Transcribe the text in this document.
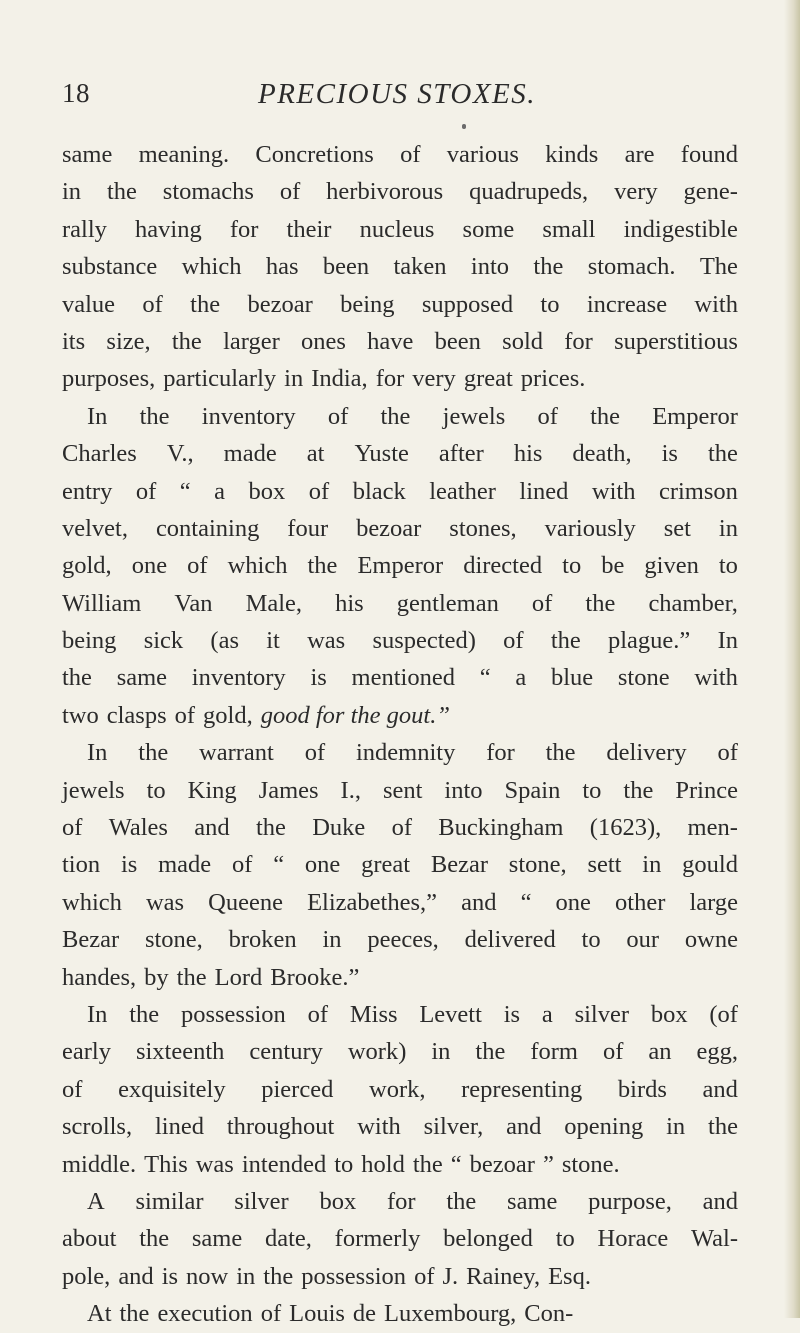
18	PRECIOUS STOXES.
same meaning. Concretions of various kinds are found
in the stomachs of herbivorous quadrupeds, very gene-
rally having for their nucleus some small indigestible
substance which has been taken into the stomach. The
value of the bezoar being supposed to increase with
its size, the larger ones have been sold for superstitious
purposes, particularly in India, for very great prices.
In the inventory of the jewels of the Emperor
Charles V., made at Yuste after his death, is the
entry of “ a box of black leather lined with crimson
velvet, containing four bezoar stones, variously set in
gold, one of which the Emperor directed to be given to
William Van Male, his gentleman of the chamber,
being sick (as it was suspected) of the plague.” In
the same inventory is mentioned “ a blue stone with
two clasps of gold, good for the gout.”
In the warrant of indemnity for the delivery of
jewels to King James I., sent into Spain to the Prince
of Wales and the Duke of Buckingham (1623), men-
tion is made of “ one great Bezar stone, sett in gould
which was Queene Elizabethes,” and “ one other large
Bezar stone, broken in peeces, delivered to our owne
handes, by the Lord Brooke.”
In the possession of Miss Levett is a silver box (of
early sixteenth century work) in the form of an egg,
of exquisitely pierced work, representing birds and
scrolls, lined throughout with silver, and opening in the
middle. This was intended to hold the “ bezoar ” stone.
A similar silver box for the same purpose, and
about the same date, formerly belonged to Horace Wal-
pole, and is now in the possession of J. Rainey, Esq.
At the execution of Louis de Luxembourg, Con-
